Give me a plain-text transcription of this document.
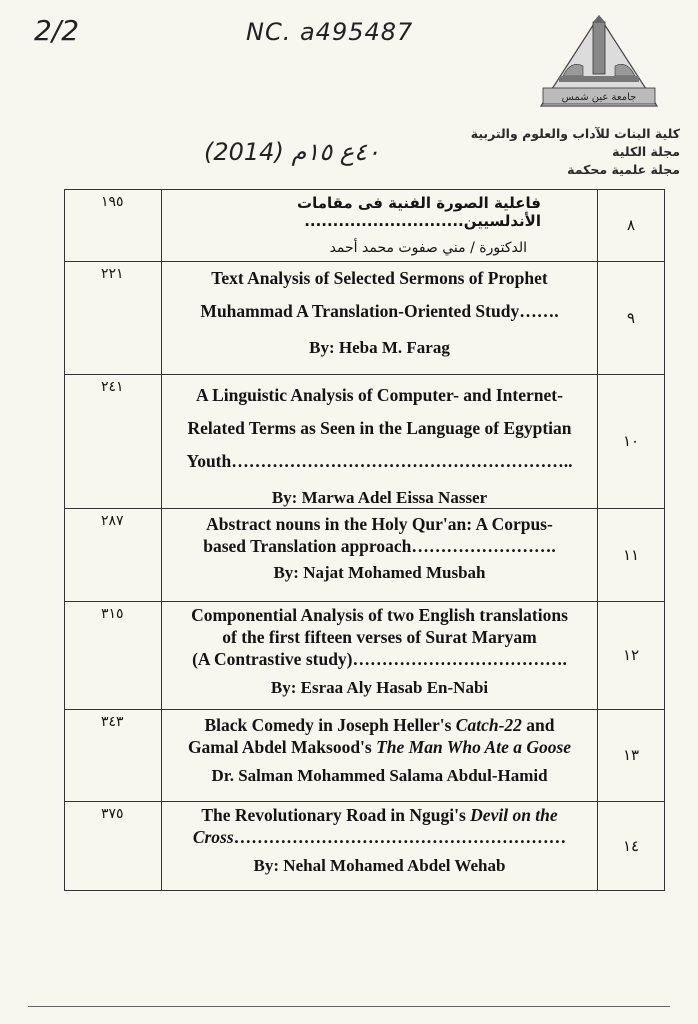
2/2	NC. a495487
(2014) ٤٠ع ١٥م
جامعة عين شمس
كلية البنات للآداب والعلوم والتربية
مجلة الكلية
مجلة علمية محكمة
١٩٥	فاعلية الصورة الفنية فى مقامات الأندلسيين............................
الدكتورة / مني صفوت محمد أحمد	٨

٢٢١	Text Analysis of Selected Sermons of Prophet
Muhammad A Translation-Oriented Study…….
By: Heba M. Farag	٩

٢٤١	A Linguistic Analysis of Computer- and Internet-
Related Terms as Seen in the Language of Egyptian
Youth…………………………………………………..
By: Marwa Adel Eissa Nasser	١٠

٢٨٧	Abstract nouns in the Holy Qur'an: A Corpus-
based Translation approach…………………….
By: Najat Mohamed Musbah	١١

٣١٥	Componential Analysis of two English translations
of the first fifteen verses of Surat Maryam
(A Contrastive study)……………………………….
By: Esraa Aly Hasab En-Nabi	١٢

٣٤٣	Black Comedy in Joseph Heller's Catch-22 and
Gamal Abdel Maksood's The Man Who Ate a Goose
Dr. Salman Mohammed Salama Abdul-Hamid	١٣

٣٧٥	The Revolutionary Road in Ngugi's Devil on the
Cross…………………………………………………
By: Nehal Mohamed Abdel Wehab	١٤
